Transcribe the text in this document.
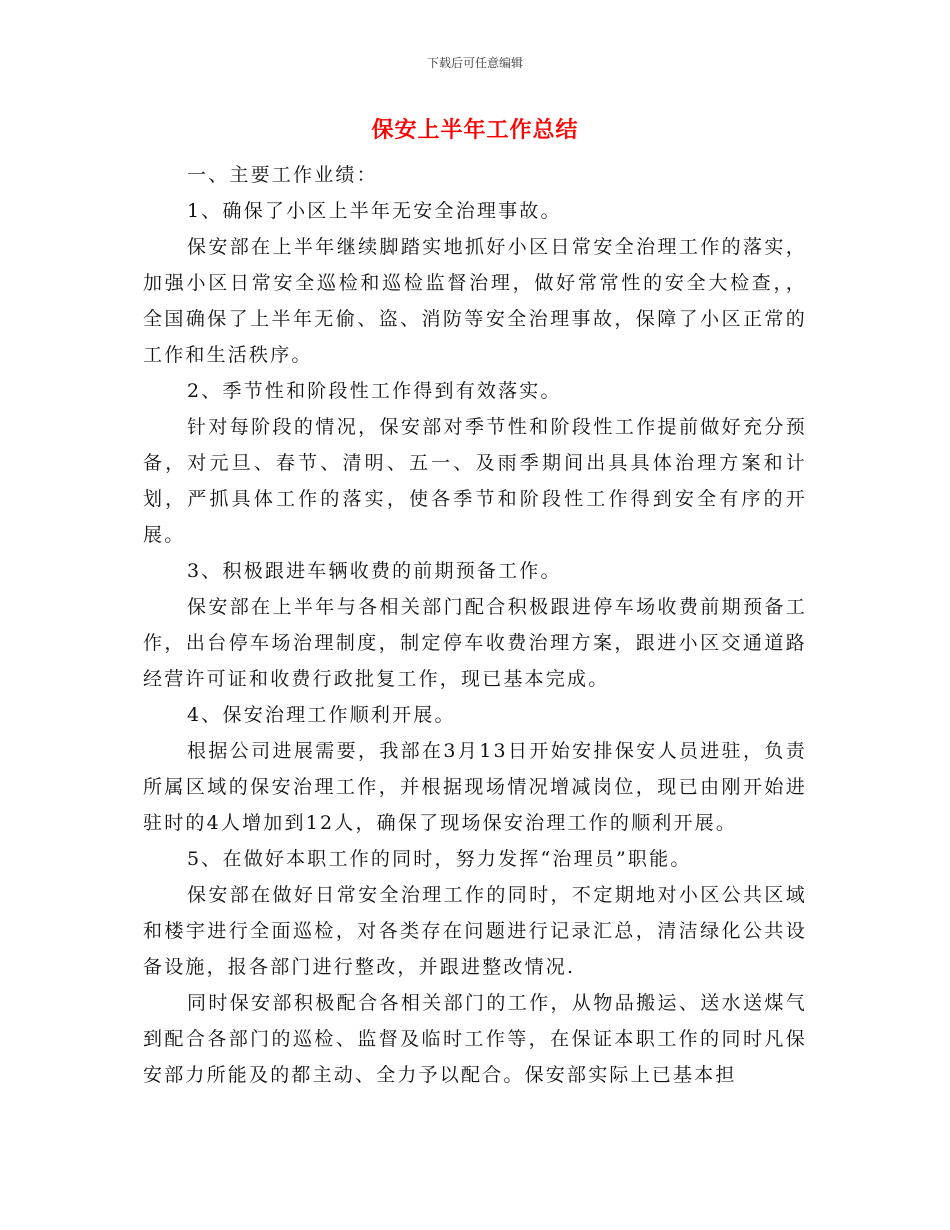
下载后可任意编辑
保安上半年工作总结

一、主要工作业绩：

1、确保了小区上半年无安全治理事故。

保安部在上半年继续脚踏实地抓好小区日常安全治理工作的落实，加强小区日常安全巡检和巡检监督治理，做好常常性的安全大检查，，全国确保了上半年无偷、盗、消防等安全治理事故，保障了小区正常的工作和生活秩序。

2、季节性和阶段性工作得到有效落实。

针对每阶段的情况，保安部对季节性和阶段性工作提前做好充分预备，对元旦、春节、清明、五一、及雨季期间出具具体治理方案和计划，严抓具体工作的落实，使各季节和阶段性工作得到安全有序的开展。

3、积极跟进车辆收费的前期预备工作。

保安部在上半年与各相关部门配合积极跟进停车场收费前期预备工作，出台停车场治理制度，制定停车收费治理方案，跟进小区交通道路经营许可证和收费行政批复工作，现已基本完成。

4、保安治理工作顺利开展。

根据公司进展需要，我部在3月13日开始安排保安人员进驻，负责所属区域的保安治理工作，并根据现场情况增减岗位，现已由刚开始进驻时的4人增加到12人，确保了现场保安治理工作的顺利开展。

5、在做好本职工作的同时，努力发挥“治理员”职能。

保安部在做好日常安全治理工作的同时，不定期地对小区公共区域和楼宇进行全面巡检，对各类存在问题进行记录汇总，清洁绿化公共设备设施，报各部门进行整改，并跟进整改情况.

同时保安部积极配合各相关部门的工作，从物品搬运、送水送煤气到配合各部门的巡检、监督及临时工作等，在保证本职工作的同时凡保安部力所能及的都主动、全力予以配合。保安部实际上已基本担
